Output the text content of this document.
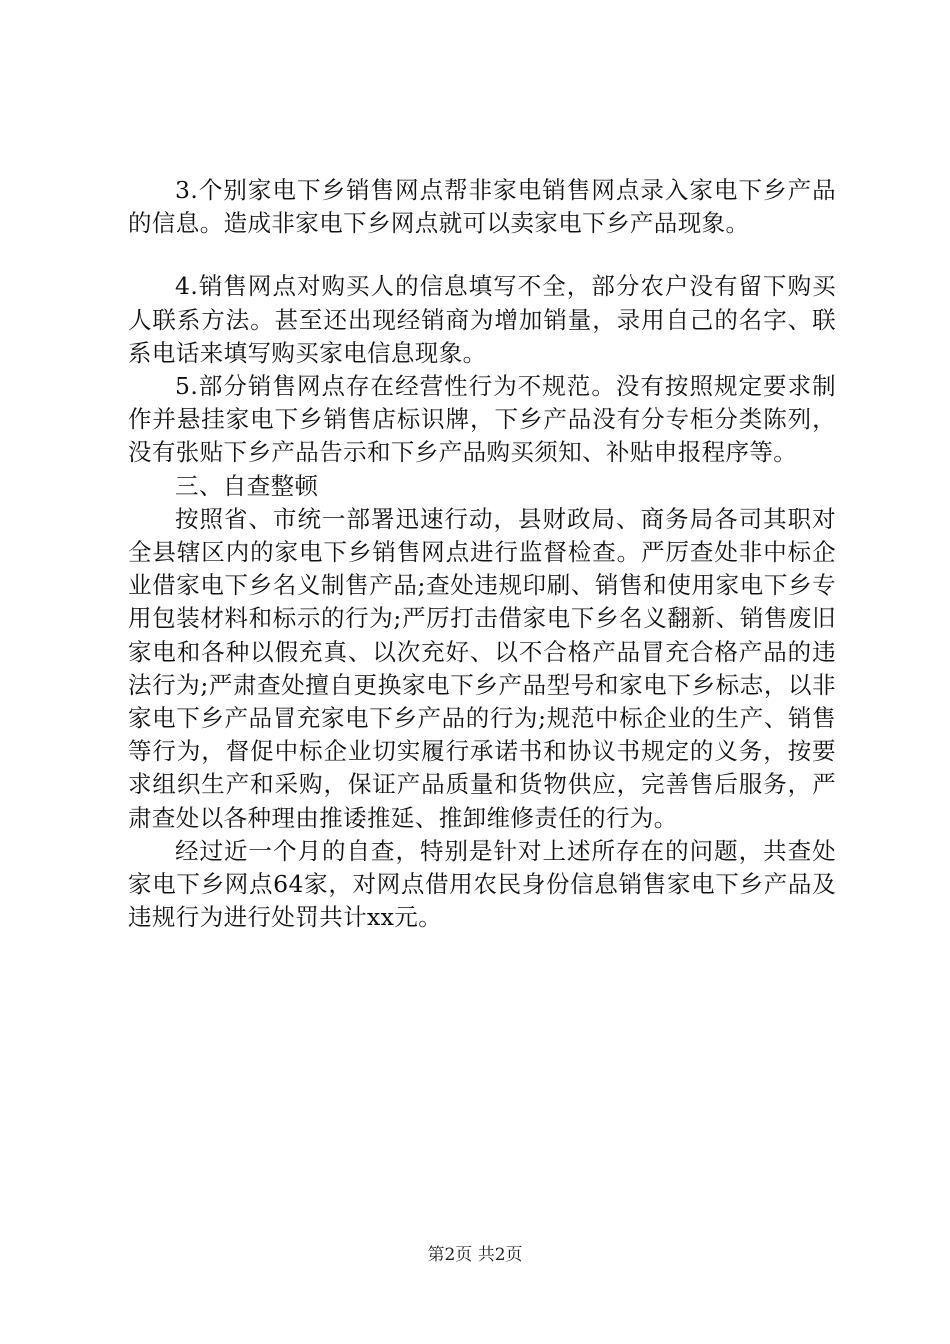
3.个别家电下乡销售网点帮非家电销售网点录入家电下乡产品的信息。造成非家电下乡网点就可以卖家电下乡产品现象。

4.销售网点对购买人的信息填写不全，部分农户没有留下购买人联系方法。甚至还出现经销商为增加销量，录用自己的名字、联系电话来填写购买家电信息现象。

5.部分销售网点存在经营性行为不规范。没有按照规定要求制作并悬挂家电下乡销售店标识牌，下乡产品没有分专柜分类陈列，没有张贴下乡产品告示和下乡产品购买须知、补贴申报程序等。

三、自查整顿

按照省、市统一部署迅速行动，县财政局、商务局各司其职对全县辖区内的家电下乡销售网点进行监督检查。严厉查处非中标企业借家电下乡名义制售产品;查处违规印刷、销售和使用家电下乡专用包装材料和标示的行为;严厉打击借家电下乡名义翻新、销售废旧家电和各种以假充真、以次充好、以不合格产品冒充合格产品的违法行为;严肃查处擅自更换家电下乡产品型号和家电下乡标志，以非家电下乡产品冒充家电下乡产品的行为;规范中标企业的生产、销售等行为，督促中标企业切实履行承诺书和协议书规定的义务，按要求组织生产和采购，保证产品质量和货物供应，完善售后服务，严肃查处以各种理由推诿推延、推卸维修责任的行为。

经过近一个月的自查，特别是针对上述所存在的问题，共查处家电下乡网点64家，对网点借用农民身份信息销售家电下乡产品及违规行为进行处罚共计xx元。

第2页 共2页
